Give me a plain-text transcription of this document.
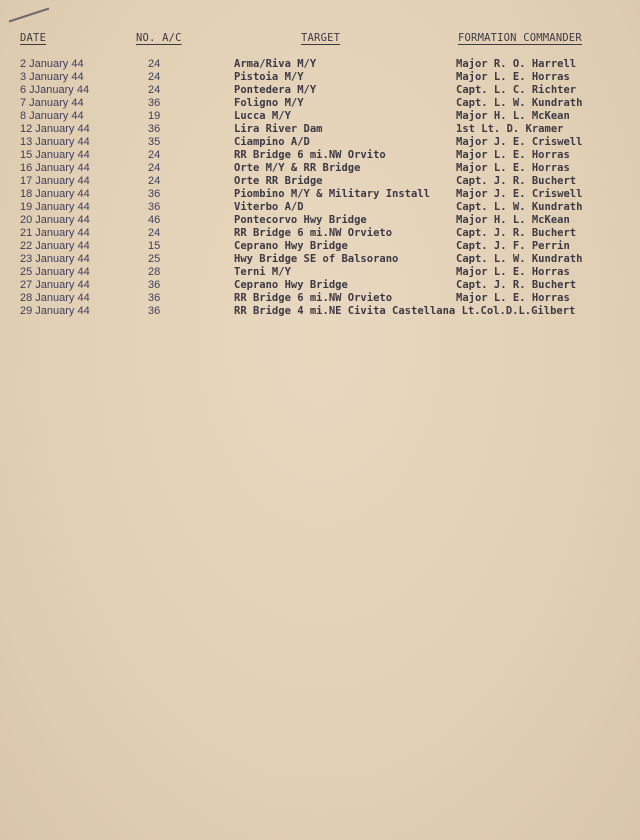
DATE	NO. A/C	TARGET	FORMATION COMMANDER
2 January 44	24	Arma/Riva M/Y	Major R. O. Harrell
3 January 44	24	Pistoia M/Y	Major L. E. Horras
6 JJanuary 44	24	Pontedera M/Y	Capt. L. C. Richter
7 January 44	36	Foligno M/Y	Capt. L. W. Kundrath
8 January 44	19	Lucca M/Y	Major H. L. McKean
12 January 44	36	Lira River Dam	1st Lt. D. Kramer
13 January 44	35	Ciampino A/D	Major J. E. Criswell
15 January 44	24	RR Bridge 6 mi.NW Orvito	Major L. E. Horras
16 January 44	24	Orte M/Y & RR Bridge	Major L. E. Horras
17 January 44	24	Orte RR Bridge	Capt. J. R. Buchert
18 January 44	36	Piombino M/Y & Military Install Major J. E. Criswell
19 January 44	36	Viterbo A/D	Capt. L. W. Kundrath
20 January 44	46	Pontecorvo Hwy Bridge	Major H. L. McKean
21 January 44	24	RR Bridge 6 mi.NW Orvieto	Capt. J. R. Buchert
22 January 44	15	Ceprano Hwy Bridge	Capt. J. F. Perrin
23 January 44	25	Hwy Bridge SE of Balsorano	Capt. L. W. Kundrath
25 January 44	28	Terni M/Y	Major L. E. Horras
27 January 44	36	Ceprano Hwy Bridge	Capt. J. R. Buchert
28 January 44	36	RR Bridge 6 mi.NW Orvieto	Major L. E. Horras
29 January 44	36	RR Bridge 4 mi.NE Civita Castellana Lt.Col.D.L.Gilbert
